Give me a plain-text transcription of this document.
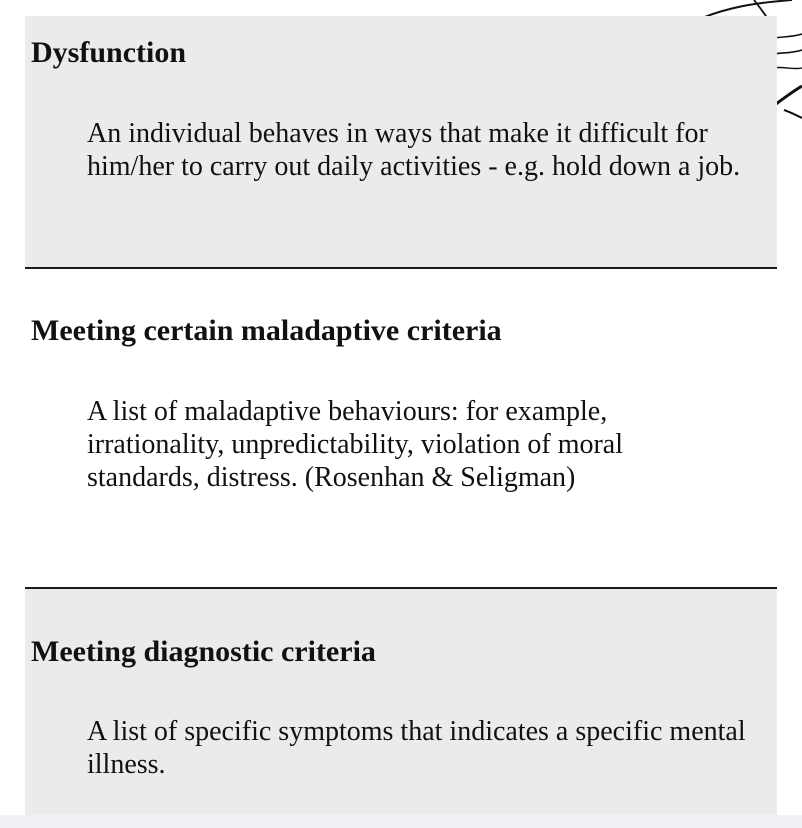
Dysfunction

An individual behaves in ways that make it difficult for him/her to carry out daily activities - e.g. hold down a job.

Meeting certain maladaptive criteria

A list of maladaptive behaviours: for example, irrationality, unpredictability, violation of moral standards, distress. (Rosenhan & Seligman)

Meeting diagnostic criteria

A list of specific symptoms that indicates a specific mental illness.
